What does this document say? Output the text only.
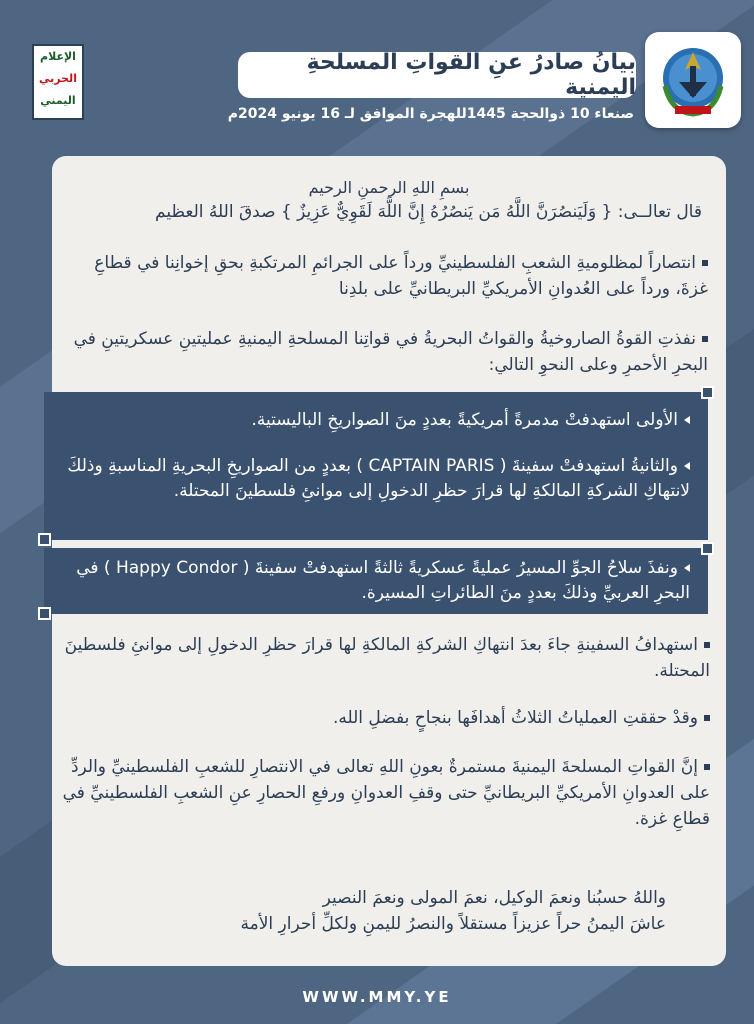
الإعلام
الحربي
اليمني
بيانُ صادرُ عنِ القواتِ المسلحةِ اليمنية
صنعاء 10 ذوالحجة 1445للهجرة الموافق لـ 16 يونيو 2024م
بسمِ اللهِ الرحمنِ الرحيم
قال تعالــى: { وَلَيَنصُرَنَّ اللَّهُ مَن يَنصُرُهُ إِنَّ اللَّهَ لَقَوِيٌّ عَزِيزٌ } صدقَ اللهُ العظيم
انتصاراً لمظلوميةِ الشعبِ الفلسطينيِّ ورداً على الجرائمِ المرتكبةِ بحقِ إخوانِنا في قطاعِ غزةَ، ورداً على العُدوانِ الأمريكيِّ البريطانيِّ على بلدِنا
نفذتِ القوةُ الصاروخيةُ والقواتُ البحريةُ في قواتِنا المسلحةِ اليمنيةِ عمليتينِ عسكريتينِ في البحرِ الأحمرِ وعلى النحوِ التالي:

الأولى استهدفتْ مدمرةً أمريكيةً بعددٍ منَ الصواريخِ الباليستية.

والثانيةُ استهدفتْ سفينةَ ( CAPTAIN PARIS ) بعددٍ من الصواريخِ البحريةِ المناسبةِ وذلكَ لانتهاكِ الشركةِ المالكةِ لها قرارَ حظرِ الدخولِ إلى موانئِ فلسطينَ المحتلة.

ونفذَ سلاحُ الجوِّ المسيرُ عمليةً عسكريةً ثالثةً استهدفتْ سفينةَ ( Happy Condor ) في البحرِ العربيِّ وذلكَ بعددٍ منَ الطائراتِ المسيرة.

استهدافُ السفينةِ جاءَ بعدَ انتهاكِ الشركةِ المالكةِ لها قرارَ حظرِ الدخولِ إلى موانئِ فلسطينَ المحتلة.
وقدْ حققتِ العملياتُ الثلاثُ أهدافَها بنجاحٍ بفضلِ الله.
إنَّ القواتِ المسلحةَ اليمنيةَ مستمرةٌ بعونِ اللهِ تعالى في الانتصارِ للشعبِ الفلسطينيِّ والردِّ على العدوانِ الأمريكيِّ البريطانيِّ حتى وقفِ العدوانِ ورفعِ الحصارِ عنِ الشعبِ الفلسطينيِّ في قطاعِ غزة.
واللهُ حسبُنا ونعمَ الوكيل، نعمَ المولى ونعمَ النصير
عاشَ اليمنُ حراً عزيزاً مستقلاً والنصرُ لليمنِ ولكلِّ أحرارِ الأمة
WWW.MMY.YE
